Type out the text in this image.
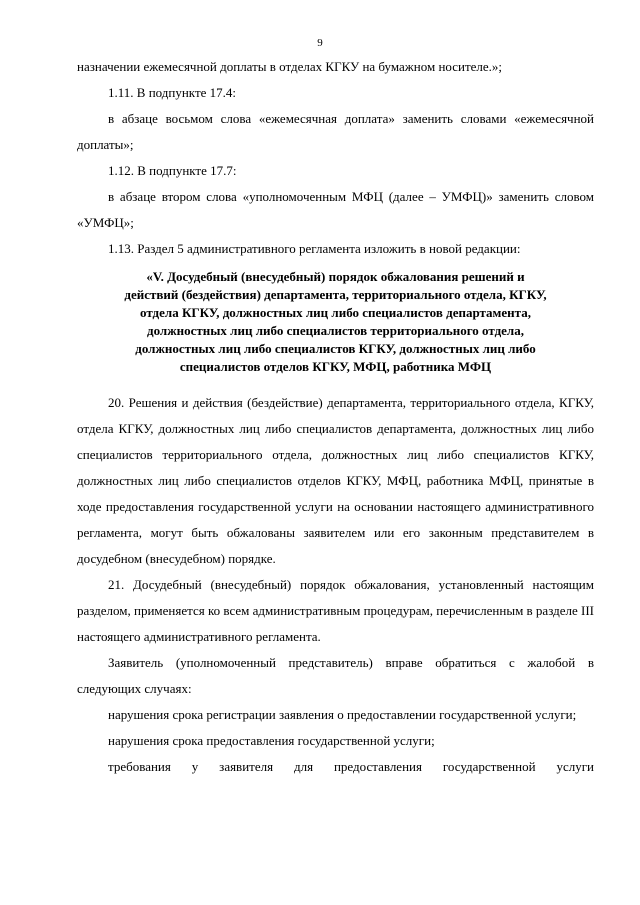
9

назначении ежемесячной доплаты в отделах КГКУ на бумажном носителе.»;

1.11. В подпункте 17.4:

в абзаце восьмом слова «ежемесячная доплата» заменить словами «ежемесячной доплаты»;

1.12. В подпункте 17.7:

в абзаце втором слова «уполномоченным МФЦ (далее – УМФЦ)» заменить словом «УМФЦ»;

1.13. Раздел 5 административного регламента изложить в новой редакции:

«V. Досудебный (внесудебный) порядок обжалования решений и
действий (бездействия) департамента, территориального отдела, КГКУ,
отдела КГКУ, должностных лиц либо специалистов департамента,
должностных лиц либо специалистов территориального отдела,
должностных лиц либо специалистов КГКУ, должностных лиц либо
специалистов отделов КГКУ, МФЦ, работника МФЦ

20. Решения и действия (бездействие) департамента, территориального отдела, КГКУ, отдела КГКУ, должностных лиц либо специалистов департамента, должностных лиц либо специалистов территориального отдела, должностных лиц либо специалистов КГКУ, должностных лиц либо специалистов отделов КГКУ, МФЦ, работника МФЦ, принятые в ходе предоставления государственной услуги на основании настоящего административного регламента, могут быть обжалованы заявителем или его законным представителем в досудебном (внесудебном) порядке.

21. Досудебный (внесудебный) порядок обжалования, установленный настоящим разделом, применяется ко всем административным процедурам, перечисленным в разделе III настоящего административного регламента.

Заявитель (уполномоченный представитель) вправе обратиться с жалобой в следующих случаях:

нарушения срока регистрации заявления о предоставлении государственной услуги;

нарушения срока предоставления государственной услуги;

требования у заявителя для предоставления государственной услуги
